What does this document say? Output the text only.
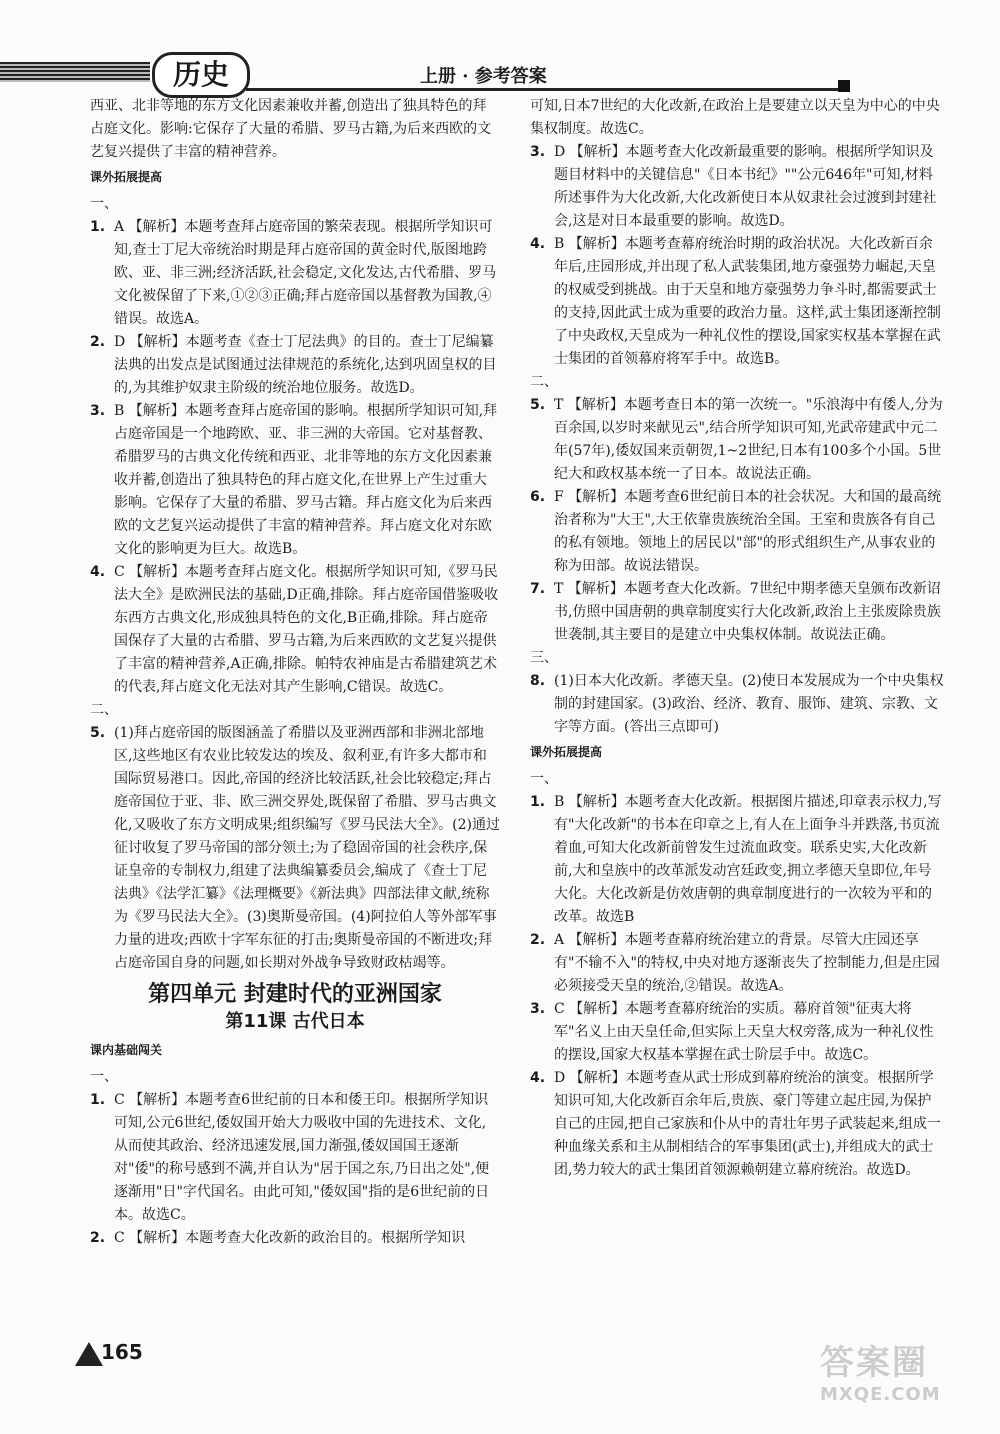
历史	上册 · 参考答案

西亚、北非等地的东方文化因素兼收并蓄,创造出了独具特色的拜占庭文化。影响:它保存了大量的希腊、罗马古籍,为后来西欧的文艺复兴提供了丰富的精神营养。

课外拓展提高

一、

1. A 【解析】本题考查拜占庭帝国的繁荣表现。根据所学知识可知,查士丁尼大帝统治时期是拜占庭帝国的黄金时代,版图地跨欧、亚、非三洲;经济活跃,社会稳定,文化发达,古代希腊、罗马文化被保留了下来,①②③正确;拜占庭帝国以基督教为国教,④错误。故选A。

2. D 【解析】本题考查《查士丁尼法典》的目的。查士丁尼编纂法典的出发点是试图通过法律规范的系统化,达到巩固皇权的目的,为其维护奴隶主阶级的统治地位服务。故选D。

3. B 【解析】本题考查拜占庭帝国的影响。根据所学知识可知,拜占庭帝国是一个地跨欧、亚、非三洲的大帝国。它对基督教、希腊罗马的古典文化传统和西亚、北非等地的东方文化因素兼收并蓄,创造出了独具特色的拜占庭文化,在世界上产生过重大影响。它保存了大量的希腊、罗马古籍。拜占庭文化为后来西欧的文艺复兴运动提供了丰富的精神营养。拜占庭文化对东欧文化的影响更为巨大。故选B。

4. C 【解析】本题考查拜占庭文化。根据所学知识可知,《罗马民法大全》是欧洲民法的基础,D正确,排除。拜占庭帝国借鉴吸收东西方古典文化,形成独具特色的文化,B正确,排除。拜占庭帝国保存了大量的古希腊、罗马古籍,为后来西欧的文艺复兴提供了丰富的精神营养,A正确,排除。帕特农神庙是古希腊建筑艺术的代表,拜占庭文化无法对其产生影响,C错误。故选C。

二、

5. (1)拜占庭帝国的版图涵盖了希腊以及亚洲西部和非洲北部地区,这些地区有农业比较发达的埃及、叙利亚,有许多大都市和国际贸易港口。因此,帝国的经济比较活跃,社会比较稳定;拜占庭帝国位于亚、非、欧三洲交界处,既保留了希腊、罗马古典文化,又吸收了东方文明成果;组织编写《罗马民法大全》。(2)通过征讨收复了罗马帝国的部分领土;为了稳固帝国的社会秩序,保证皇帝的专制权力,组建了法典编纂委员会,编成了《查士丁尼法典》《法学汇纂》《法理概要》《新法典》四部法律文献,统称为《罗马民法大全》。(3)奥斯曼帝国。(4)阿拉伯人等外部军事力量的进攻;西欧十字军东征的打击;奥斯曼帝国的不断进攻;拜占庭帝国自身的问题,如长期对外战争导致财政枯竭等。

第四单元 封建时代的亚洲国家
第11课 古代日本
课内基础闯关

一、

1. C 【解析】本题考查6世纪前的日本和倭王印。根据所学知识可知,公元6世纪,倭奴国开始大力吸收中国的先进技术、文化,从而使其政治、经济迅速发展,国力渐强,倭奴国国王逐渐对"倭"的称号感到不满,并自认为"居于国之东,乃日出之处",便逐渐用"日"字代国名。由此可知,"倭奴国"指的是6世纪前的日本。故选C。

2. C 【解析】本题考查大化改新的政治目的。根据所学知识

可知,日本7世纪的大化改新,在政治上是要建立以天皇为中心的中央集权制度。故选C。

3. D 【解析】本题考查大化改新最重要的影响。根据所学知识及题目材料中的关键信息"《日本书纪》""公元646年"可知,材料所述事件为大化改新,大化改新使日本从奴隶社会过渡到封建社会,这是对日本最重要的影响。故选D。

4. B 【解析】本题考查幕府统治时期的政治状况。大化改新百余年后,庄园形成,并出现了私人武装集团,地方豪强势力崛起,天皇的权威受到挑战。由于天皇和地方豪强势力争斗时,都需要武士的支持,因此武士成为重要的政治力量。这样,武士集团逐渐控制了中央政权,天皇成为一种礼仪性的摆设,国家实权基本掌握在武士集团的首领幕府将军手中。故选B。

二、

5. T 【解析】本题考查日本的第一次统一。"乐浪海中有倭人,分为百余国,以岁时来献见云",结合所学知识可知,光武帝建武中元二年(57年),倭奴国来贡朝贺,1~2世纪,日本有100多个小国。5世纪大和政权基本统一了日本。故说法正确。

6. F 【解析】本题考查6世纪前日本的社会状况。大和国的最高统治者称为"大王",大王依靠贵族统治全国。王室和贵族各有自己的私有领地。领地上的居民以"部"的形式组织生产,从事农业的称为田部。故说法错误。

7. T 【解析】本题考查大化改新。7世纪中期孝德天皇颁布改新诏书,仿照中国唐朝的典章制度实行大化改新,政治上主张废除贵族世袭制,其主要目的是建立中央集权体制。故说法正确。

三、

8. (1)日本大化改新。孝德天皇。(2)使日本发展成为一个中央集权制的封建国家。(3)政治、经济、教育、服饰、建筑、宗教、文字等方面。(答出三点即可)

课外拓展提高

一、

1. B 【解析】本题考查大化改新。根据图片描述,印章表示权力,写有"大化改新"的书本在印章之上,有人在上面争斗并跌落,书页流着血,可知大化改新前曾发生过流血政变。联系史实,大化改新前,大和皇族中的改革派发动宫廷政变,拥立孝德天皇即位,年号大化。大化改新是仿效唐朝的典章制度进行的一次较为平和的改革。故选B

2. A 【解析】本题考查幕府统治建立的背景。尽管大庄园还享有"不输不入"的特权,中央对地方逐渐丧失了控制能力,但是庄园必须接受天皇的统治,②错误。故选A。

3. C 【解析】本题考查幕府统治的实质。幕府首领"征夷大将军"名义上由天皇任命,但实际上天皇大权旁落,成为一种礼仪性的摆设,国家大权基本掌握在武士阶层手中。故选C。

4. D 【解析】本题考查从武士形成到幕府统治的演变。根据所学知识可知,大化改新百余年后,贵族、豪门等建立起庄园,为保护自己的庄园,把自己家族和仆从中的青壮年男子武装起来,组成一种血缘关系和主从制相结合的军事集团(武士),并组成大的武士团,势力较大的武士集团首领源赖朝建立幕府统治。故选D。

165	答案圈
MXQE.COM
